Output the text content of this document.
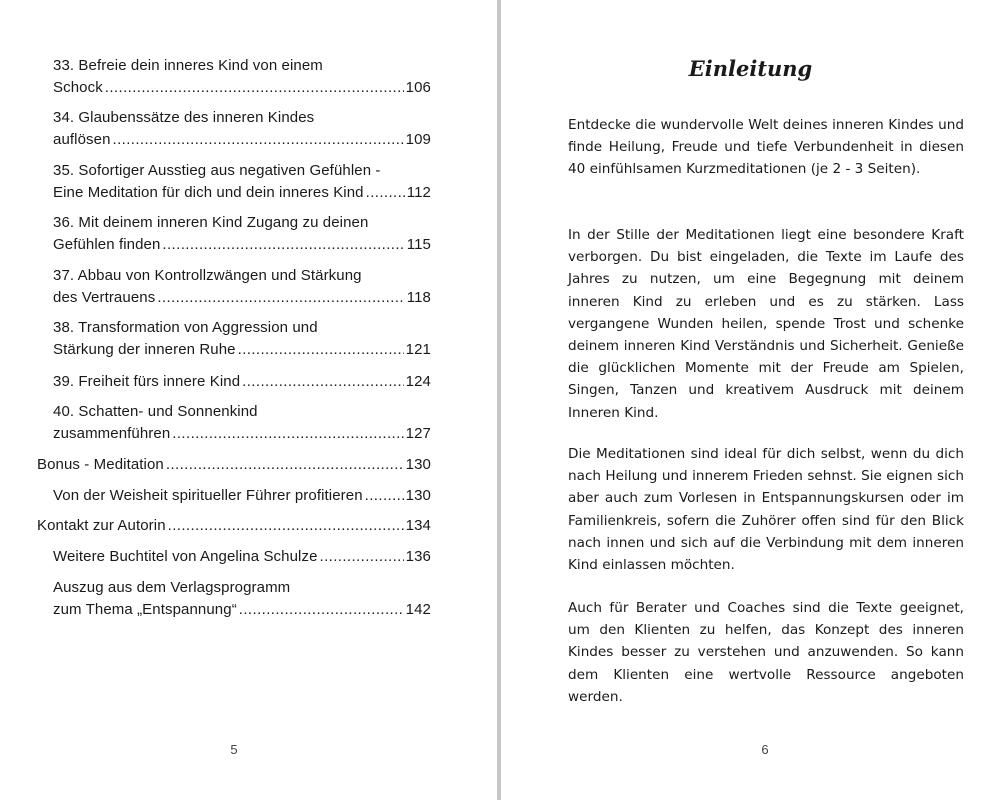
33. Befreie dein inneres Kind von einem
Schock .....	106
34. Glaubenssätze des inneren Kindes
auflösen .....	109
35. Sofortiger Ausstieg aus negativen Gefühlen -
Eine Meditation für dich und dein inneres Kind .....	112
36. Mit deinem inneren Kind Zugang zu deinen
Gefühlen finden .....	115
37. Abbau von Kontrollzwängen und Stärkung
des Vertrauens .....	118
38. Transformation von Aggression und
Stärkung der inneren Ruhe .....	121
39. Freiheit fürs innere Kind .....	124
40. Schatten- und Sonnenkind
zusammenführen .....	127
Bonus - Meditation .....	130
Von der Weisheit spiritueller Führer profitieren .....	130
Kontakt zur Autorin .....	134
Weitere Buchtitel von Angelina Schulze .....	136
Auszug aus dem Verlagsprogramm
zum Thema „Entspannung“ .....	142
5
Einleitung
Entdecke die wundervolle Welt deines inneren Kindes und finde Heilung, Freude und tiefe Verbundenheit in diesen 40 einfühlsamen Kurzmeditationen (je 2 - 3 Seiten).
In der Stille der Meditationen liegt eine besondere Kraft verborgen. Du bist eingeladen, die Texte im Laufe des Jahres zu nutzen, um eine Begegnung mit deinem inneren Kind zu erleben und es zu stärken. Lass vergangene Wunden heilen, spende Trost und schenke deinem inneren Kind Verständnis und Sicherheit. Genieße die glücklichen Momente mit der Freude am Spielen, Singen, Tanzen und kreativem Ausdruck mit deinem Inneren Kind.
Die Meditationen sind ideal für dich selbst, wenn du dich nach Heilung und innerem Frieden sehnst. Sie eignen sich aber auch zum Vorlesen in Entspannungskursen oder im Familienkreis, sofern die Zuhörer offen sind für den Blick nach innen und sich auf die Verbindung mit dem inneren Kind einlassen möchten.
Auch für Berater und Coaches sind die Texte geeignet, um den Klienten zu helfen, das Konzept des inneren Kindes besser zu verstehen und anzuwenden. So kann dem Klienten eine wertvolle Ressource angeboten werden.
6
